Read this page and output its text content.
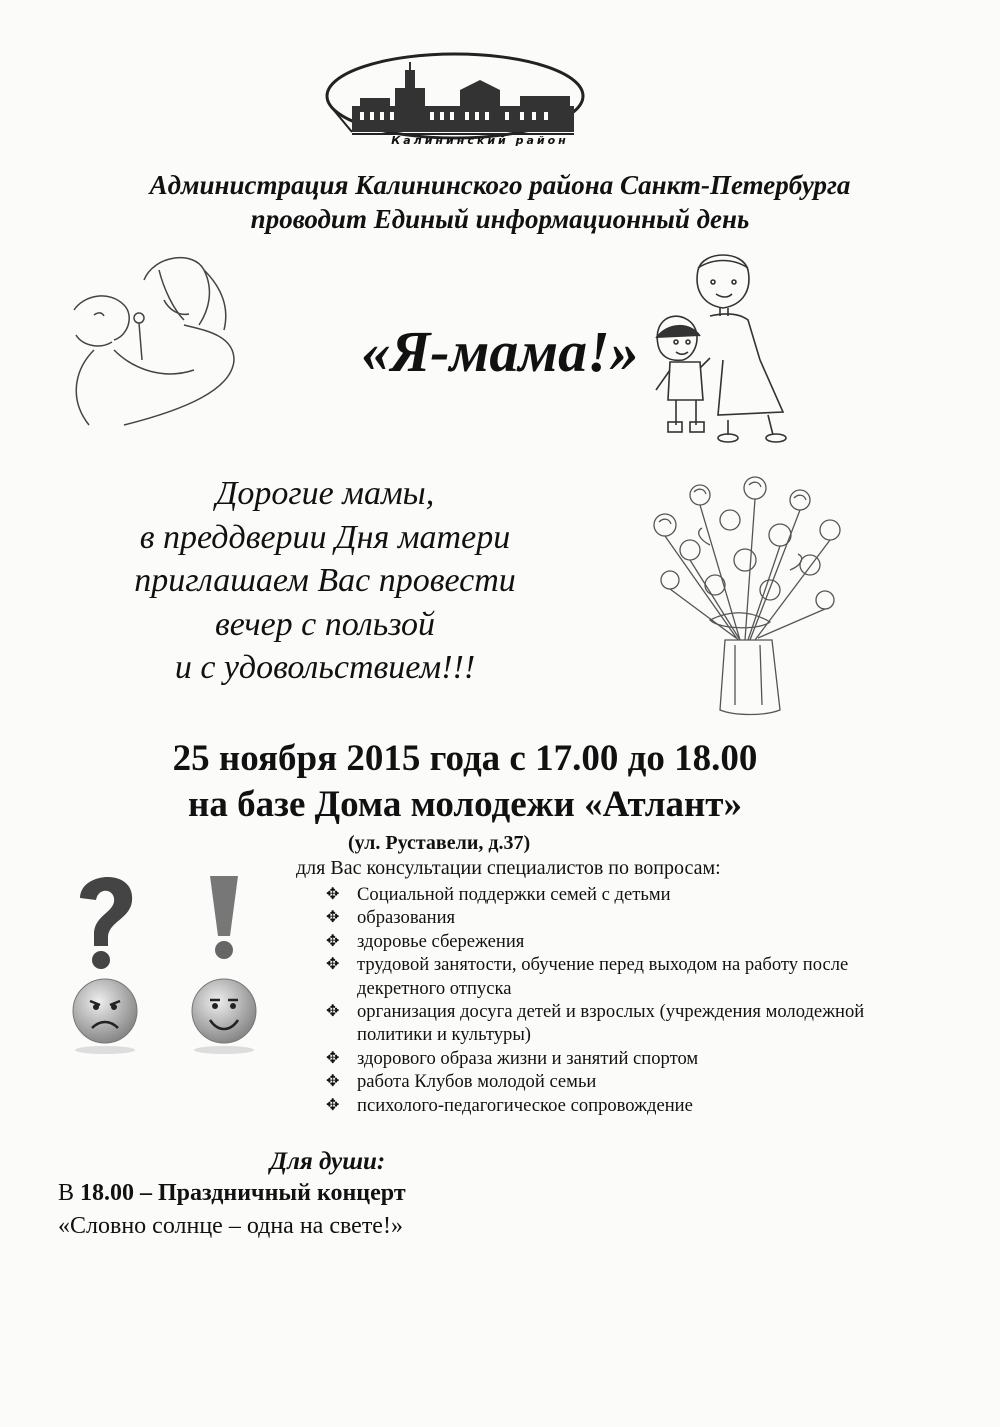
Калининский район
Администрация Калининского района Санкт-Петербурга
проводит Единый информационный день
«Я-мама!»
Дорогие мамы,
в преддверии Дня матери
приглашаем Вас провести
вечер с пользой
и с удовольствием!!!
25 ноября 2015 года с 17.00 до 18.00
на базе Дома молодежи «Атлант»
(ул. Руставели, д.37)
для Вас консультации специалистов по вопросам:
✥ Социальной поддержки семей с детьми
✥ образования
✥ здоровье сбережения
✥ трудовой занятости, обучение перед выходом на работу после декретного отпуска
✥ организация досуга детей и взрослых (учреждения молодежной политики и культуры)
✥ здорового образа жизни и занятий спортом
✥ работа Клубов молодой семьи
✥ психолого-педагогическое сопровождение
Для души:
В 18.00 – Праздничный концерт
«Словно солнце – одна на свете!»
